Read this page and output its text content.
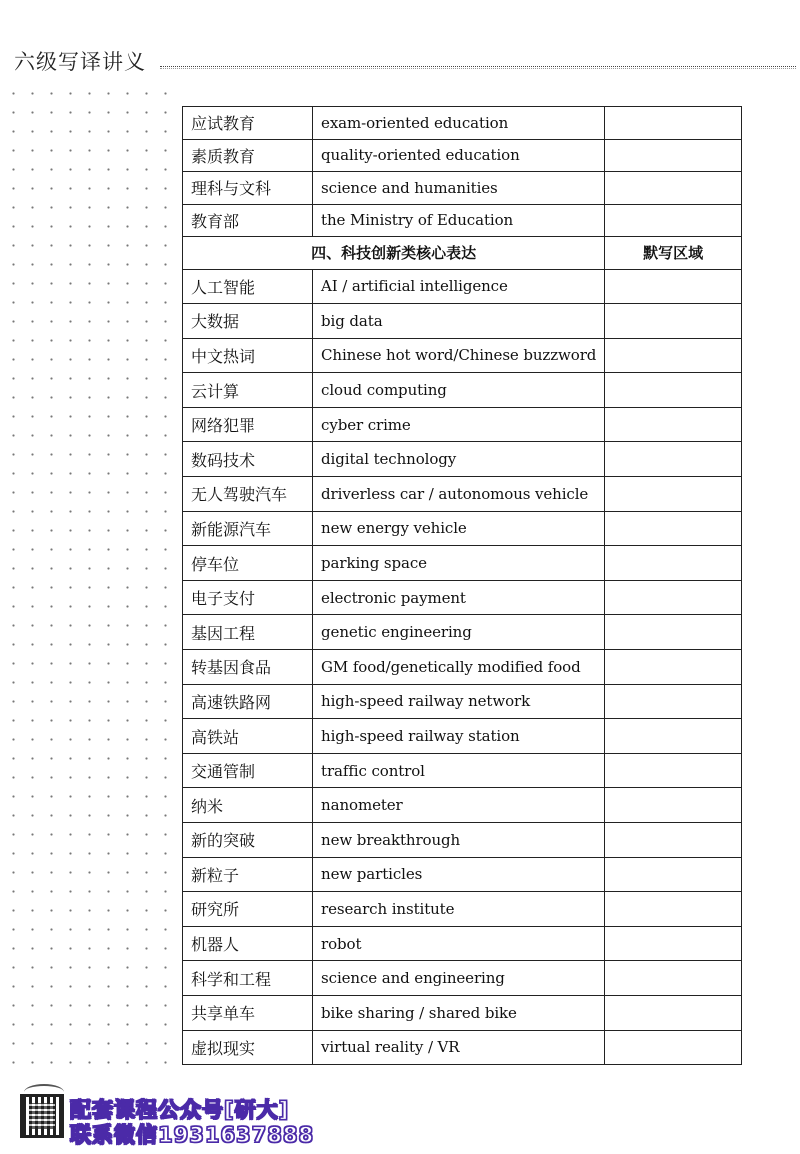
六级写译讲义
应试教育	exam-oriented education	
素质教育	quality-oriented education	
理科与文科	science and humanities	
教育部	the Ministry of Education	
四、科技创新类核心表达		默写区域
人工智能	AI / artificial intelligence	
大数据	big data	
中文热词	Chinese hot word/Chinese buzzword	
云计算	cloud computing	
网络犯罪	cyber crime	
数码技术	digital technology	
无人驾驶汽车	driverless car / autonomous vehicle	
新能源汽车	new energy vehicle	
停车位	parking space	
电子支付	electronic payment	
基因工程	genetic engineering	
转基因食品	GM food/genetically modified food	
高速铁路网	high-speed railway network	
高铁站	high-speed railway station	
交通管制	traffic control	
纳米	nanometer	
新的突破	new breakthrough	
新粒子	new particles	
研究所	research institute	
机器人	robot	
科学和工程	science and engineering	
共享单车	bike sharing / shared bike	
虚拟现实	virtual reality / VR	
配套课程公众号[研大]
联系微信1931637888
